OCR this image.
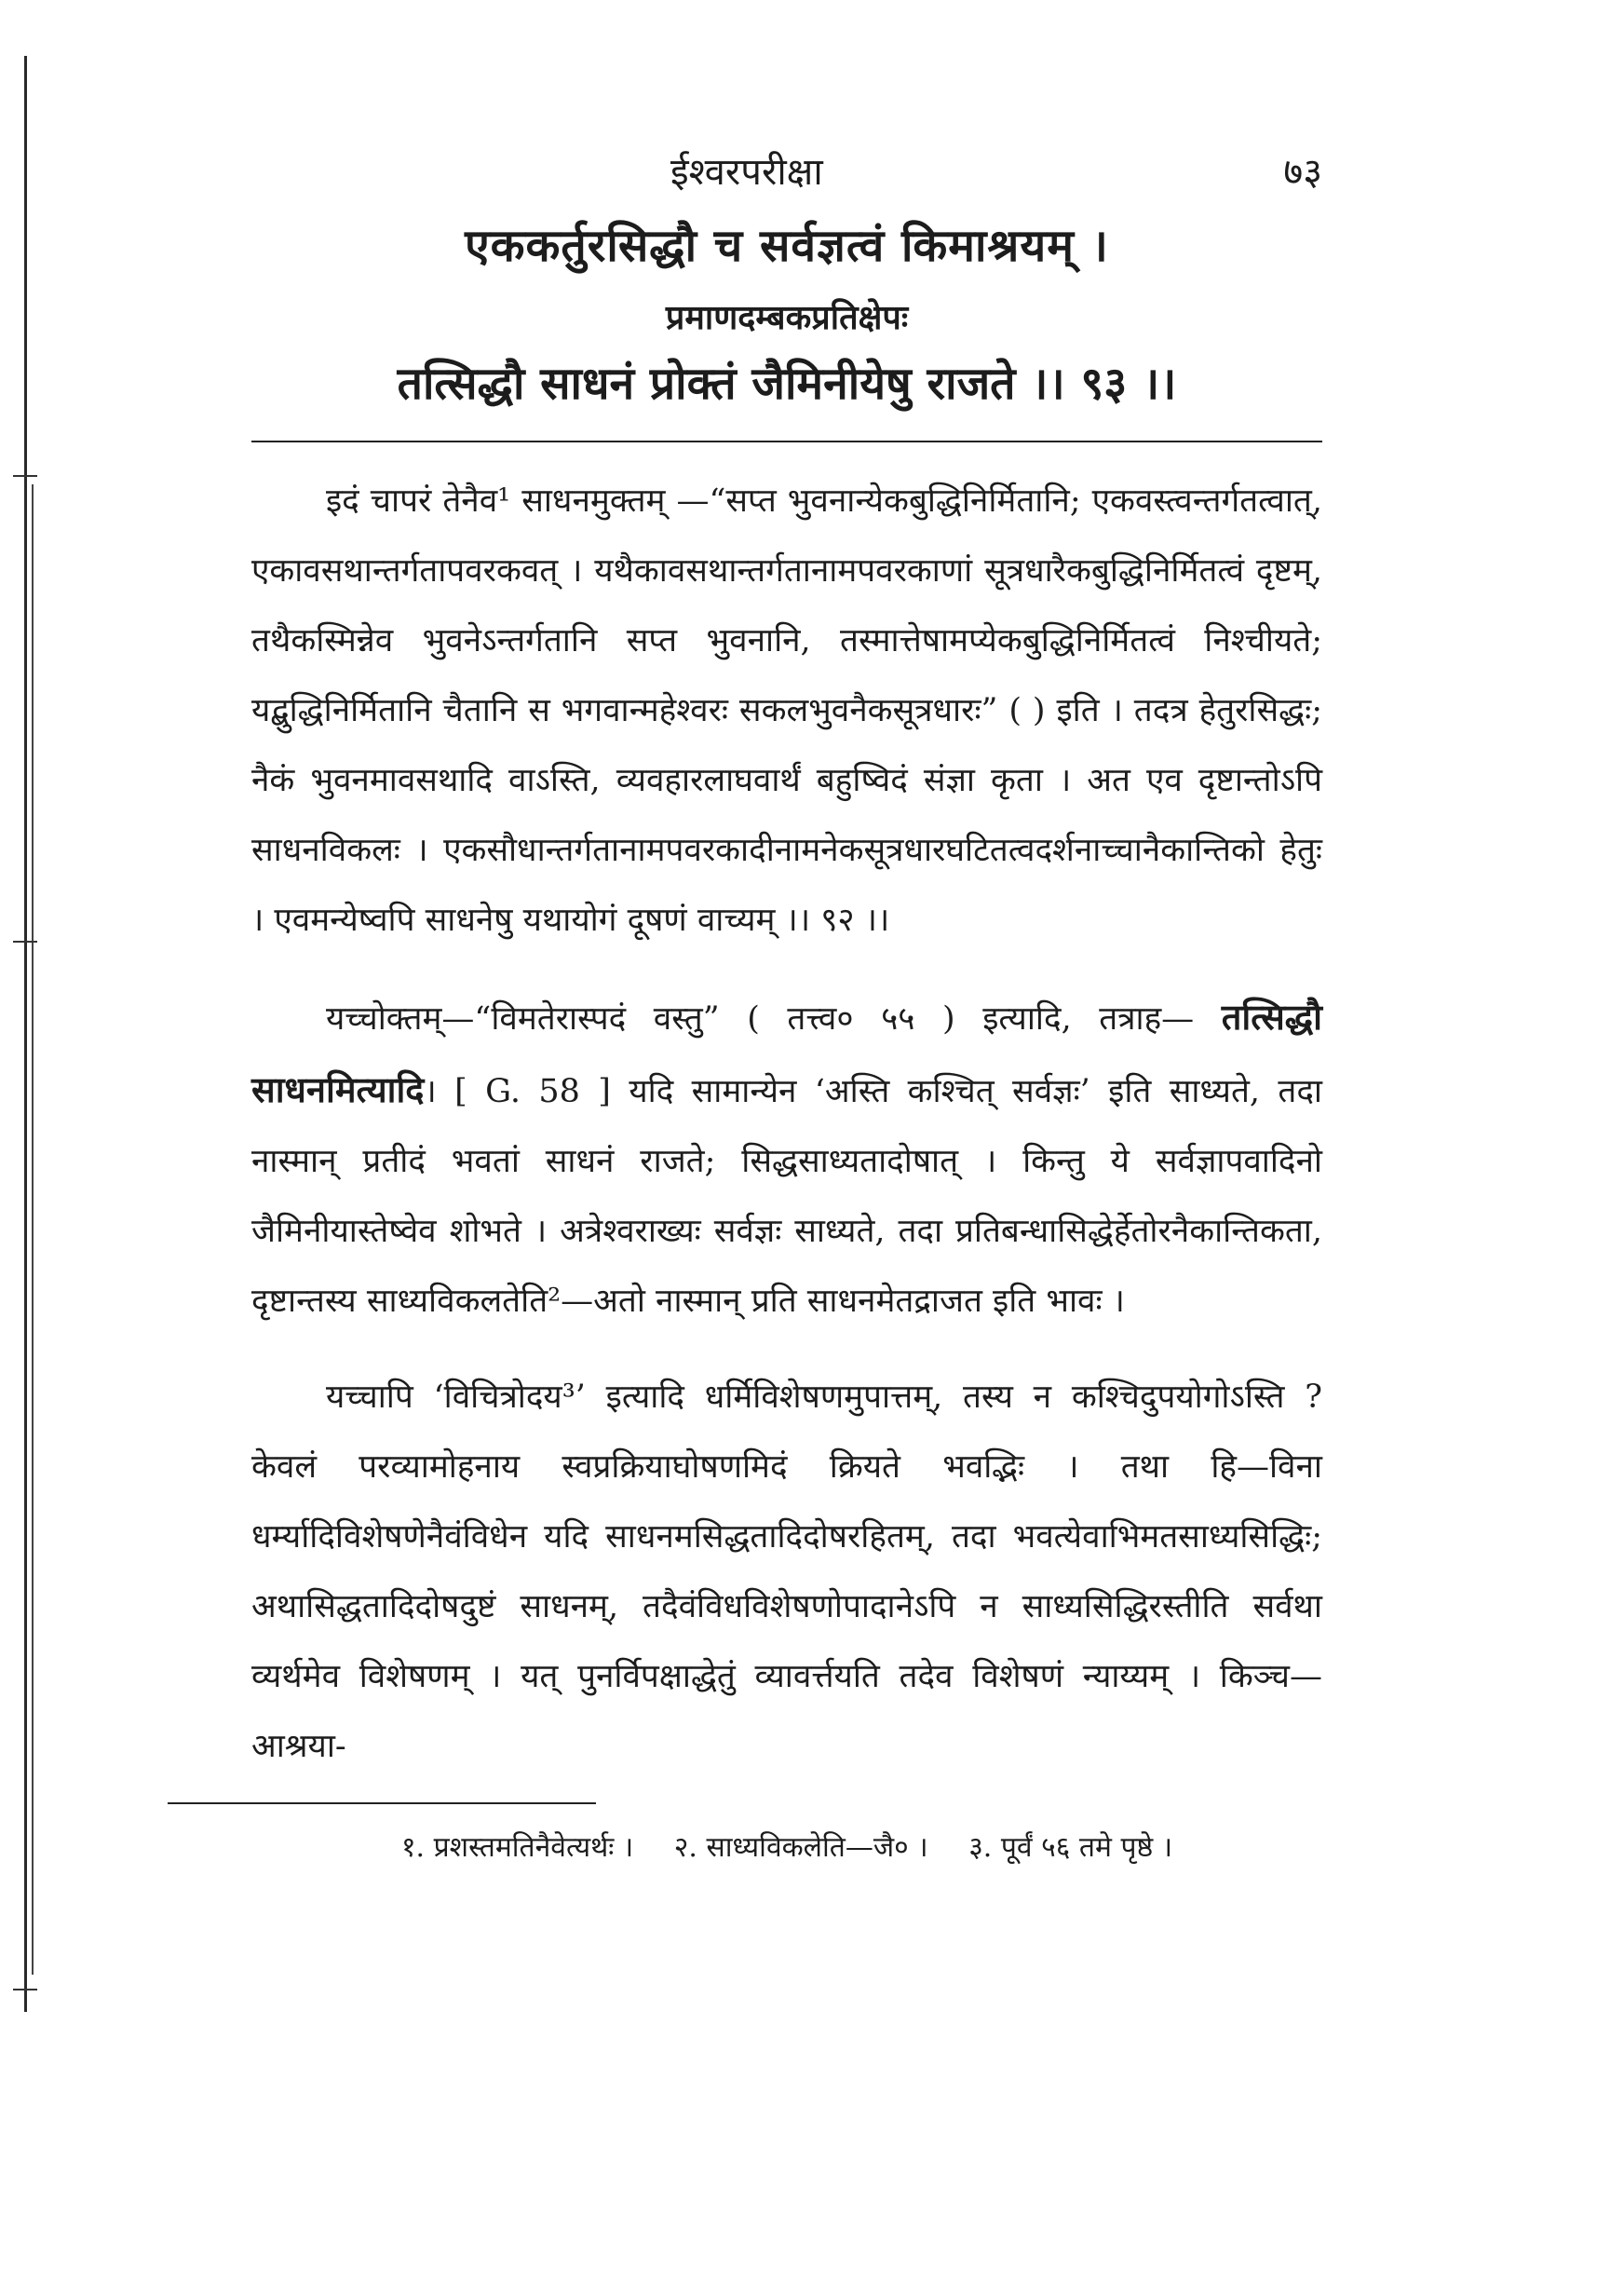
ईश्वरपरीक्षा	७३
एककर्तुरसिद्धौ च सर्वज्ञत्वं किमाश्रयम् ।
प्रमाणदम्बकप्रतिक्षेपः
तत्सिद्धौ साधनं प्रोक्तं जैमिनीयेषु राजते ।। ९३ ।।

इदं चापरं तेनैव¹ साधनमुक्तम् —“सप्त भुवनान्येकबुद्धिनिर्मितानि; एकवस्त्वन्तर्गतत्वात्, एकावसथान्तर्गतापवरकवत् । यथैकावसथान्तर्गतानामपवरकाणां सूत्रधारैकबुद्धिनिर्मितत्वं दृष्टम्, तथैकस्मिन्नेव भुवनेऽन्तर्गतानि सप्त भुवनानि, तस्मात्तेषामप्येकबुद्धिनिर्मितत्वं निश्चीयते; यद्बुद्धिनिर्मितानि चैतानि स भगवान्महेश्वरः सकलभुवनैकसूत्रधारः” ( ) इति । तदत्र हेतुरसिद्धः; नैकं भुवनमावसथादि वाऽस्ति, व्यवहारलाघवार्थं बहुष्विदं संज्ञा कृता । अत एव दृष्टान्तोऽपि साधनविकलः । एकसौधान्तर्गतानामपवरकादीनामनेकसूत्रधारघटितत्वदर्शनाच्चानैकान्तिको हेतुः । एवमन्येष्वपि साधनेषु यथायोगं दूषणं वाच्यम् ।। ९२ ।।

यच्चोक्तम्—“विमतेरास्पदं वस्तु” ( तत्त्व० ५५ ) इत्यादि, तत्राह— तत्सिद्धौ साधनमित्यादि। [ G. 58 ] यदि सामान्येन ‘अस्ति कश्चित् सर्वज्ञः’ इति साध्यते, तदा नास्मान् प्रतीदं भवतां साधनं राजते; सिद्धसाध्यतादोषात् । किन्तु ये सर्वज्ञापवादिनो जैमिनीयास्तेष्वेव शोभते । अत्रेश्वराख्यः सर्वज्ञः साध्यते, तदा प्रतिबन्धासिद्धेर्हेतोरनैकान्तिकता, दृष्टान्तस्य साध्यविकलतेति²—अतो नास्मान् प्रति साधनमेतद्राजत इति भावः ।

यच्चापि ‘विचित्रोदय³’ इत्यादि धर्मिविशेषणमुपात्तम्, तस्य न कश्चिदुपयोगोऽस्ति ? केवलं परव्यामोहनाय स्वप्रक्रियाघोषणमिदं क्रियते भवद्भिः । तथा हि—विना धर्म्यादिविशेषणेनैवंविधेन यदि साधनमसिद्धतादिदोषरहितम्, तदा भवत्येवाभिमतसाध्यसिद्धिः; अथासिद्धतादिदोषदुष्टं साधनम्, तदैवंविधविशेषणोपादानेऽपि न साध्यसिद्धिरस्तीति सर्वथा व्यर्थमेव विशेषणम् । यत् पुनर्विपक्षाद्धेतुं व्यावर्त्तयति तदेव विशेषणं न्याय्यम् । किञ्च—आश्रया-

१. प्रशस्तमतिनैवेत्यर्थः । २. साध्यविकलेति—जै० । ३. पूर्वं ५६ तमे पृष्ठे ।
